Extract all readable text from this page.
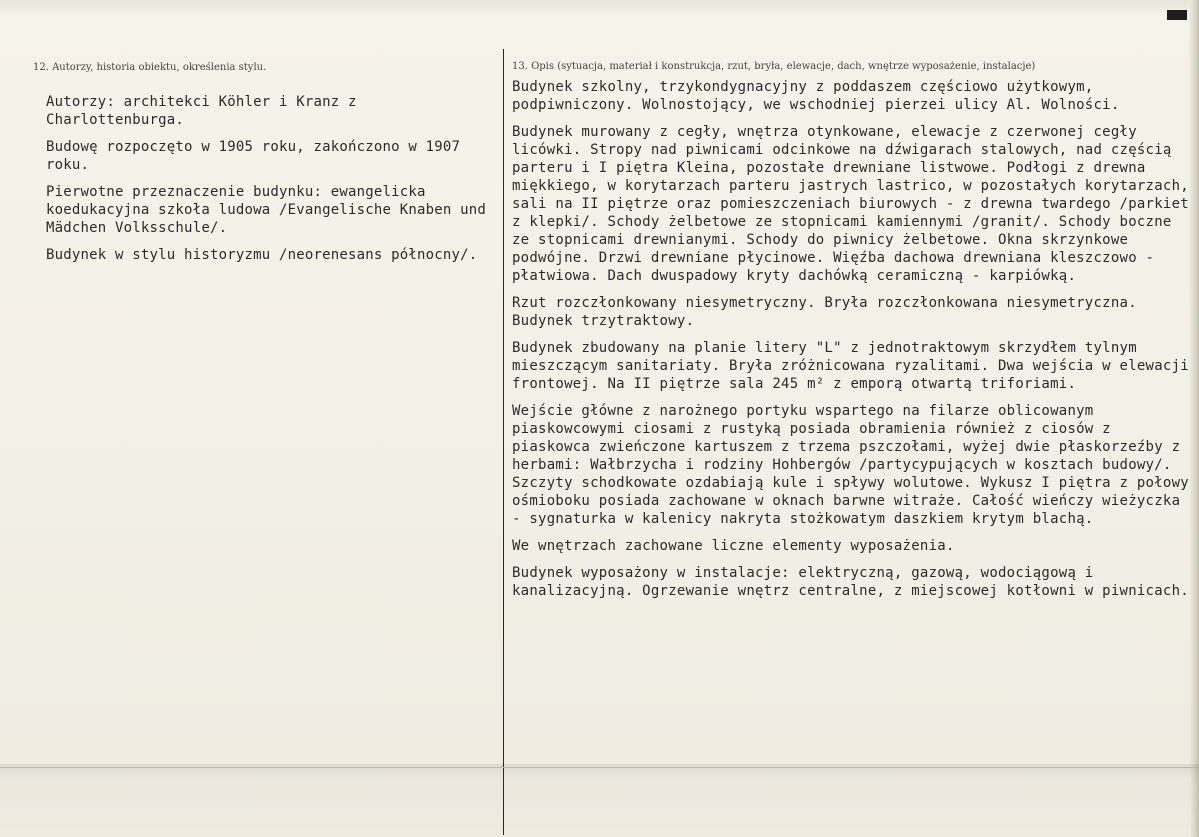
12. Autorzy, historia obiektu, określenia stylu.	13. Opis (sytuacja, materiał i konstrukcja, rzut, bryła, elewacje, dach, wnętrze wyposażenie, instalacje)

Autorzy: architekci Köhler i Kranz z Charlottenburga.

Budowę rozpoczęto w 1905 roku, zakończono w 1907 roku.

Pierwotne przeznaczenie budynku: ewangelicka koedukacyjna szkoła ludowa /Evangelische Knaben und Mädchen Volksschule/.

Budynek w stylu historyzmu /neorenesans północny/.

Budynek szkolny, trzykondygnacyjny z poddaszem częściowo użytkowym, podpiwniczony. Wolnostojący, we wschodniej pierzei ulicy Al. Wolności.

Budynek murowany z cegły, wnętrza otynkowane, elewacje z czerwonej cegły licówki. Stropy nad piwnicami odcinkowe na dźwigarach stalowych, nad częścią parteru i I piętra Kleina, pozostałe drewniane listwowe. Podłogi z drewna miękkiego, w korytarzach parteru jastrych lastrico, w pozostałych korytarzach, sali na II piętrze oraz pomieszczeniach biurowych - z drewna twardego /parkiet z klepki/. Schody żelbetowe ze stopnicami kamiennymi /granit/. Schody boczne ze stopnicami drewnianymi. Schody do piwnicy żelbetowe. Okna skrzynkowe podwójne. Drzwi drewniane płycinowe. Więźba dachowa drewniana kleszczowo - płatwiowa. Dach dwuspadowy kryty dachówką ceramiczną - karpiówką.

Rzut rozczłonkowany niesymetryczny. Bryła rozczłonkowana niesymetryczna. Budynek trzytraktowy.

Budynek zbudowany na planie litery "L" z jednotraktowym skrzydłem tylnym mieszczącym sanitariaty. Bryła zróżnicowana ryzalitami. Dwa wejścia w elewacji frontowej. Na II piętrze sala 245 m² z emporą otwartą triforiami.

Wejście główne z narożnego portyku wspartego na filarze oblicowanym piaskowcowymi ciosami z rustyką posiada obramienia również z ciosów z piaskowca zwieńczone kartuszem z trzema pszczołami, wyżej dwie płaskorzeźby z herbami: Wałbrzycha i rodziny Hohbergów /partycypujących w kosztach budowy/. Szczyty schodkowate ozdabiają kule i spływy wolutowe. Wykusz I piętra z połowy ośmioboku posiada zachowane w oknach barwne witraże. Całość wieńczy wieżyczka - sygnaturka w kalenicy nakryta stożkowatym daszkiem krytym blachą.

We wnętrzach zachowane liczne elementy wyposażenia.

Budynek wyposażony w instalacje: elektryczną, gazową, wodociągową i kanalizacyjną. Ogrzewanie wnętrz centralne, z miejscowej kotłowni w piwnicach.
